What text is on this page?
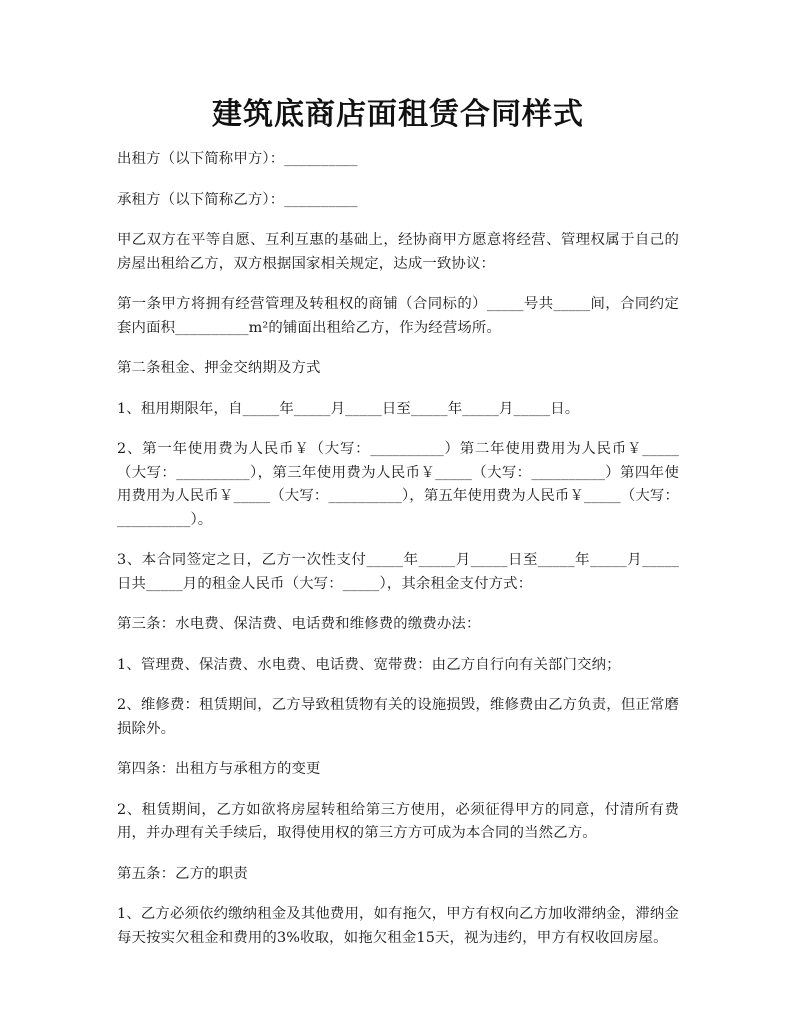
建筑底商店面租赁合同样式

出租方（以下简称甲方）：__________

承租方（以下简称乙方）：__________

甲乙双方在平等自愿、互利互惠的基础上，经协商甲方愿意将经营、管理权属于自己的房屋出租给乙方，双方根据国家相关规定，达成一致协议：

第一条甲方将拥有经营管理及转租权的商铺（合同标的）_____号共_____间，合同约定套内面积__________m²的铺面出租给乙方，作为经营场所。

第二条租金、押金交纳期及方式

1、租用期限年，自_____年_____月_____日至_____年_____月_____日。

2、第一年使用费为人民币￥（大写：__________）第二年使用费用为人民币￥_____（大写：__________），第三年使用费为人民币￥_____（大写：__________）第四年使用费用为人民币￥_____（大写：__________），第五年使用费为人民币￥_____（大写：__________）。

3、本合同签定之日，乙方一次性支付_____年_____月_____日至_____年_____月_____日共_____月的租金人民币（大写：_____），其余租金支付方式：

第三条：水电费、保洁费、电话费和维修费的缴费办法：

1、管理费、保洁费、水电费、电话费、宽带费：由乙方自行向有关部门交纳；

2、维修费：租赁期间，乙方导致租赁物有关的设施损毁，维修费由乙方负责，但正常磨损除外。

第四条：出租方与承租方的变更

2、租赁期间，乙方如欲将房屋转租给第三方使用，必须征得甲方的同意，付清所有费用，并办理有关手续后，取得使用权的第三方方可成为本合同的当然乙方。

第五条：乙方的职责

1、乙方必须依约缴纳租金及其他费用，如有拖欠，甲方有权向乙方加收滞纳金，滞纳金每天按实欠租金和费用的3%收取，如拖欠租金15天，视为违约，甲方有权收回房屋。
